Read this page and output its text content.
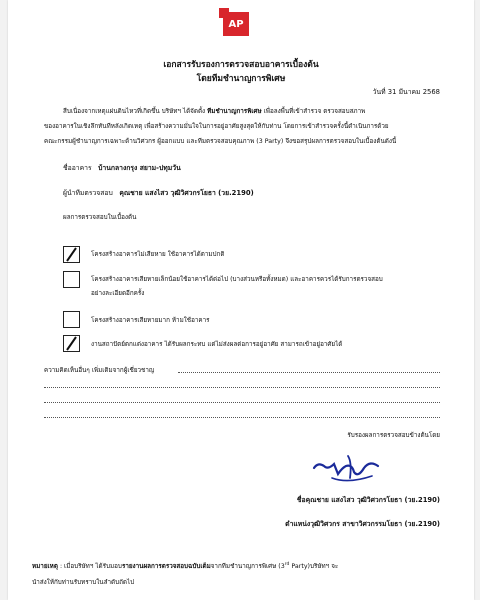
AP
เอกสารรับรองการตรวจสอบอาคารเบื้องต้น
โดยทีมชำนาญการพิเศษ
วันที่ 31 มีนาคม 2568
สืบเนื่องจากเหตุแผ่นดินไหวที่เกิดขึ้น บริษัทฯ ได้จัดตั้ง ทีมชำนาญการพิเศษ เพื่อลงพื้นที่เข้าสำรวจ ตรวจสอบสภาพ
ของอาคารในเชิงลึกทันทีหลังเกิดเหตุ เพื่อสร้างความมั่นใจในการอยู่อาศัยสูงสุดให้กับท่าน โดยการเข้าสำรวจครั้งนี้ดำเนินการด้วย
คณะกรรมผู้ชำนาญการเฉพาะด้านวิศวกร ผู้ออกแบบ และทีมตรวจสอบคุณภาพ (3 Party) จึงขอสรุปผลการตรวจสอบในเบื้องต้นดังนี้
ชื่ออาคาร บ้านกลางกรุง สยาม-ปทุมวัน
ผู้นำทีมตรวจสอบ คุณชาย แสงไสว วุฒิวิศวกรโยธา (วย.2190)
ผลการตรวจสอบในเบื้องต้น
โครงสร้างอาคารไม่เสียหาย ใช้อาคารได้ตามปกติ
โครงสร้างอาคารเสียหายเล็กน้อยใช้อาคารได้ต่อไป (บางส่วนหรือทั้งหมด) และอาคารควรได้รับการตรวจสอบ
อย่างละเอียดอีกครั้ง
โครงสร้างอาคารเสียหายมาก ห้ามใช้อาคาร
งานสถาปัตย์ตกแต่งอาคาร ได้รับผลกระทบ แต่ไม่ส่งผลต่อการอยู่อาศัย สามารถเข้าอยู่อาศัยได้
ความคิดเห็นอื่นๆ เพิ่มเติมจากผู้เชี่ยวชาญ
รับรองผลการตรวจสอบข้างต้นโดย
ชื่อคุณชาย แสงไสว วุฒิวิศวกรโยธา (วย.2190)
ตำแหน่งวุฒิวิศวกร สาขาวิศวกรรมโยธา (วย.2190)
หมายเหตุ : เมื่อบริษัทฯ ได้รับมอบรายงานผลการตรวจสอบฉบับเต็มจากทีมชำนาญการพิเศษ (3rd Party)บริษัทฯ จะ
นำส่งให้กับท่านรับทราบในลำดับถัดไป
